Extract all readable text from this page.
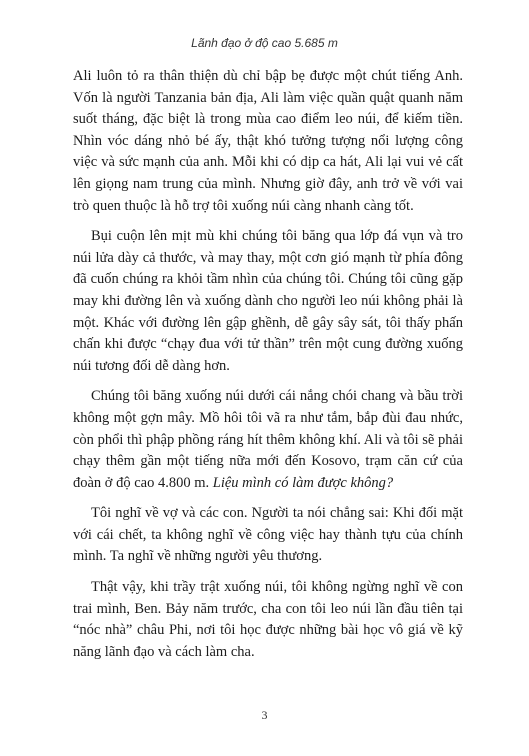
Lãnh đạo ở độ cao 5.685 m

Ali luôn tỏ ra thân thiện dù chỉ bập bẹ được một chút tiếng Anh. Vốn là người Tanzania bản địa, Ali làm việc quần quật quanh năm suốt tháng, đặc biệt là trong mùa cao điểm leo núi, để kiếm tiền. Nhìn vóc dáng nhỏ bé ấy, thật khó tưởng tượng nổi lượng công việc và sức mạnh của anh. Mỗi khi có dịp ca hát, Ali lại vui vẻ cất lên giọng nam trung của mình. Nhưng giờ đây, anh trở về với vai trò quen thuộc là hỗ trợ tôi xuống núi càng nhanh càng tốt.

Bụi cuộn lên mịt mù khi chúng tôi băng qua lớp đá vụn và tro núi lửa dày cả thước, và may thay, một cơn gió mạnh từ phía đông đã cuốn chúng ra khỏi tầm nhìn của chúng tôi. Chúng tôi cũng gặp may khi đường lên và xuống dành cho người leo núi không phải là một. Khác với đường lên gập ghềnh, dễ gây sây sát, tôi thấy phấn chấn khi được “chạy đua với tử thần” trên một cung đường xuống núi tương đối dễ dàng hơn.

Chúng tôi băng xuống núi dưới cái nắng chói chang và bầu trời không một gợn mây. Mồ hôi tôi vã ra như tắm, bắp đùi đau nhức, còn phổi thì phập phồng ráng hít thêm không khí. Ali và tôi sẽ phải chạy thêm gần một tiếng nữa mới đến Kosovo, trạm căn cứ của đoàn ở độ cao 4.800 m. Liệu mình có làm được không?

Tôi nghĩ về vợ và các con. Người ta nói chẳng sai: Khi đối mặt với cái chết, ta không nghĩ về công việc hay thành tựu của chính mình. Ta nghĩ về những người yêu thương.

Thật vậy, khi trầy trật xuống núi, tôi không ngừng nghĩ về con trai mình, Ben. Bảy năm trước, cha con tôi leo núi lần đầu tiên tại “nóc nhà” châu Phi, nơi tôi học được những bài học vô giá về kỹ năng lãnh đạo và cách làm cha.

3
